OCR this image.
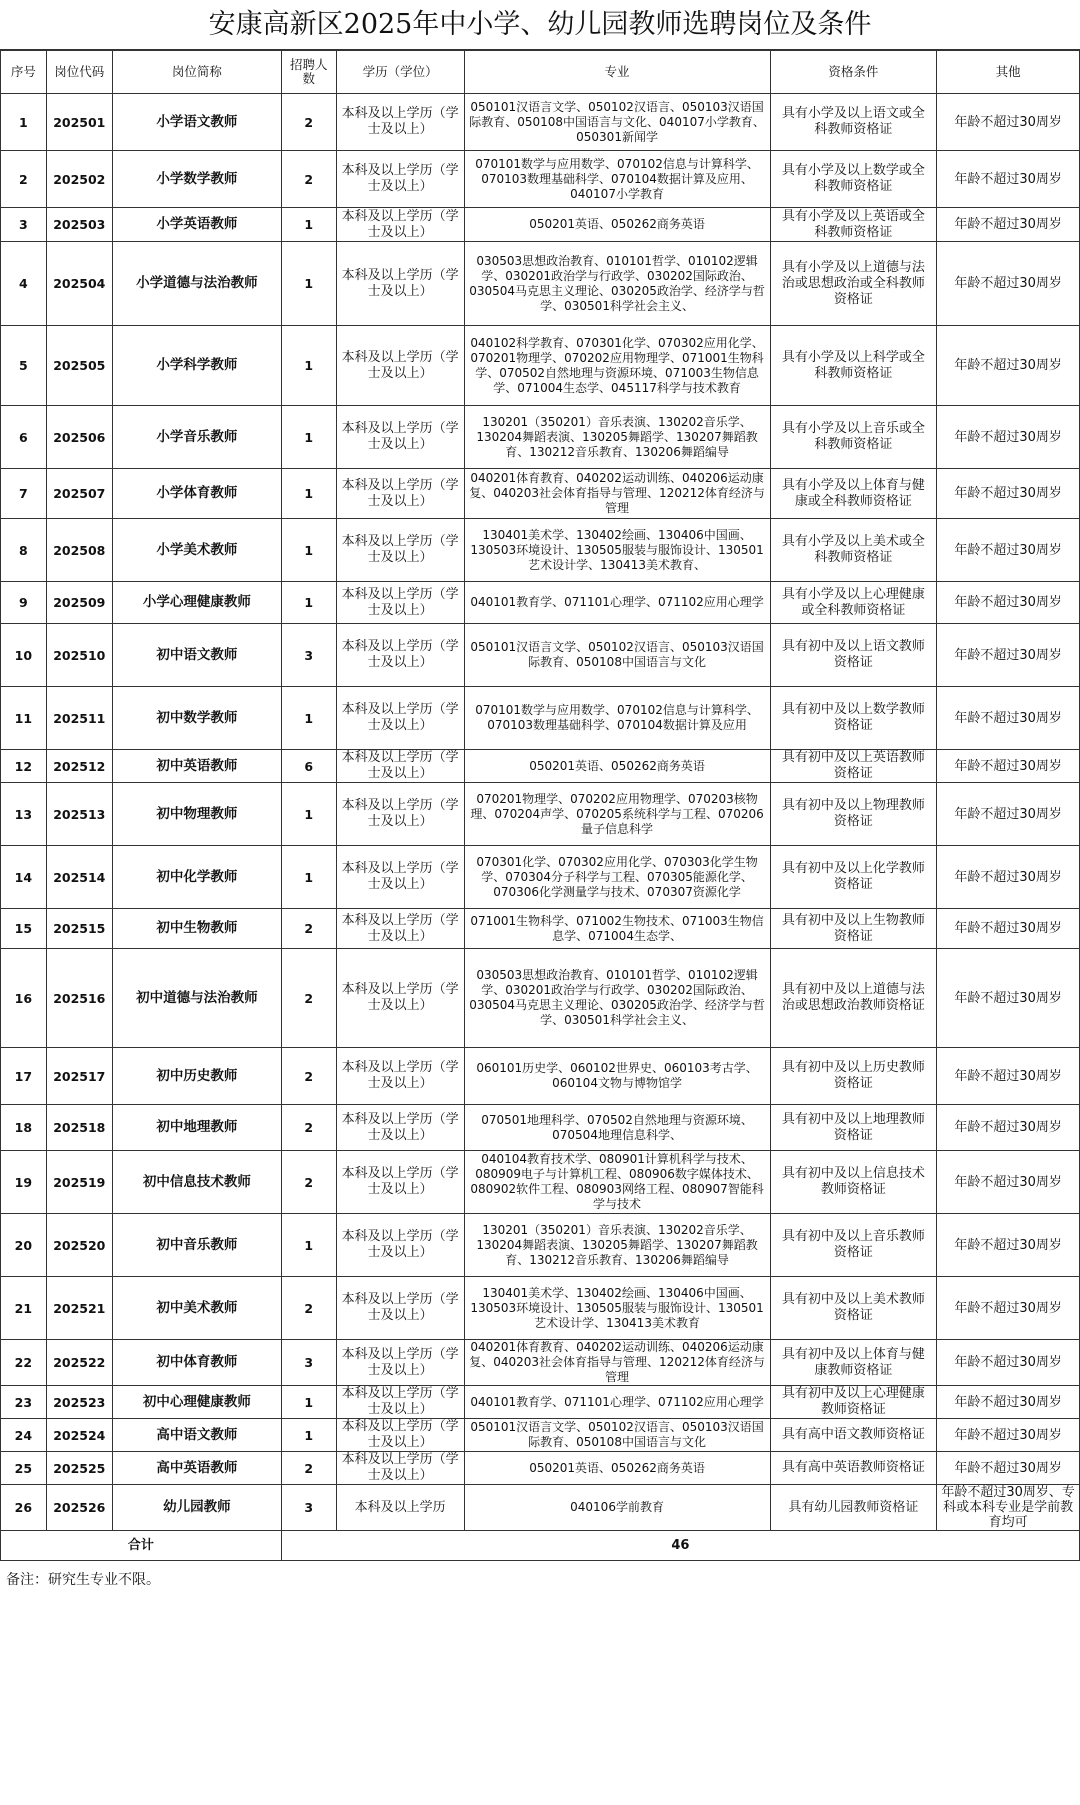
安康高新区2025年中小学、幼儿园教师选聘岗位及条件
序号	岗位代码	岗位简称	招聘人数	学历（学位）	专业	资格条件	其他
1	202501	小学语文教师	2	本科及以上学历（学士及以上）	050101汉语言文学、050102汉语言、050103汉语国际教育、050108中国语言与文化、040107小学教育、050301新闻学	具有小学及以上语文或全科教师资格证	年龄不超过30周岁
2	202502	小学数学教师	2	本科及以上学历（学士及以上）	070101数学与应用数学、070102信息与计算科学、070103数理基础科学、070104数据计算及应用、040107小学教育	具有小学及以上数学或全科教师资格证	年龄不超过30周岁
3	202503	小学英语教师	1	本科及以上学历（学士及以上）	050201英语、050262商务英语	具有小学及以上英语或全科教师资格证	年龄不超过30周岁
4	202504	小学道德与法治教师	1	本科及以上学历（学士及以上）	030503思想政治教育、010101哲学、010102逻辑学、030201政治学与行政学、030202国际政治、030504马克思主义理论、030205政治学、经济学与哲学、030501科学社会主义、	具有小学及以上道德与法治或思想政治或全科教师资格证	年龄不超过30周岁
5	202505	小学科学教师	1	本科及以上学历（学士及以上）	040102科学教育、070301化学、070302应用化学、070201物理学、070202应用物理学、071001生物科学、070502自然地理与资源环境、071003生物信息学、071004生态学、045117科学与技术教育	具有小学及以上科学或全科教师资格证	年龄不超过30周岁
6	202506	小学音乐教师	1	本科及以上学历（学士及以上）	130201（350201）音乐表演、130202音乐学、130204舞蹈表演、130205舞蹈学、130207舞蹈教育、130212音乐教育、130206舞蹈编导	具有小学及以上音乐或全科教师资格证	年龄不超过30周岁
7	202507	小学体育教师	1	本科及以上学历（学士及以上）	040201体育教育、040202运动训练、040206运动康复、040203社会体育指导与管理、120212体育经济与管理	具有小学及以上体育与健康或全科教师资格证	年龄不超过30周岁
8	202508	小学美术教师	1	本科及以上学历（学士及以上）	130401美术学、130402绘画、130406中国画、130503环境设计、130505服装与服饰设计、130501艺术设计学、130413美术教育、	具有小学及以上美术或全科教师资格证	年龄不超过30周岁
9	202509	小学心理健康教师	1	本科及以上学历（学士及以上）	040101教育学、071101心理学、071102应用心理学	具有小学及以上心理健康或全科教师资格证	年龄不超过30周岁
10	202510	初中语文教师	3	本科及以上学历（学士及以上）	050101汉语言文学、050102汉语言、050103汉语国际教育、050108中国语言与文化	具有初中及以上语文教师资格证	年龄不超过30周岁
11	202511	初中数学教师	1	本科及以上学历（学士及以上）	070101数学与应用数学、070102信息与计算科学、070103数理基础科学、070104数据计算及应用	具有初中及以上数学教师资格证	年龄不超过30周岁
12	202512	初中英语教师	6	本科及以上学历（学士及以上）	050201英语、050262商务英语	具有初中及以上英语教师资格证	年龄不超过30周岁
13	202513	初中物理教师	1	本科及以上学历（学士及以上）	070201物理学、070202应用物理学、070203核物理、070204声学、070205系统科学与工程、070206量子信息科学	具有初中及以上物理教师资格证	年龄不超过30周岁
14	202514	初中化学教师	1	本科及以上学历（学士及以上）	070301化学、070302应用化学、070303化学生物学、070304分子科学与工程、070305能源化学、070306化学测量学与技术、070307资源化学	具有初中及以上化学教师资格证	年龄不超过30周岁
15	202515	初中生物教师	2	本科及以上学历（学士及以上）	071001生物科学、071002生物技术、071003生物信息学、071004生态学、	具有初中及以上生物教师资格证	年龄不超过30周岁
16	202516	初中道德与法治教师	2	本科及以上学历（学士及以上）	030503思想政治教育、010101哲学、010102逻辑学、030201政治学与行政学、030202国际政治、030504马克思主义理论、030205政治学、经济学与哲学、030501科学社会主义、	具有初中及以上道德与法治或思想政治教师资格证	年龄不超过30周岁
17	202517	初中历史教师	2	本科及以上学历（学士及以上）	060101历史学、060102世界史、060103考古学、060104文物与博物馆学	具有初中及以上历史教师资格证	年龄不超过30周岁
18	202518	初中地理教师	2	本科及以上学历（学士及以上）	070501地理科学、070502自然地理与资源环境、070504地理信息科学、	具有初中及以上地理教师资格证	年龄不超过30周岁
19	202519	初中信息技术教师	2	本科及以上学历（学士及以上）	040104教育技术学、080901计算机科学与技术、080909电子与计算机工程、080906数字媒体技术、080902软件工程、080903网络工程、080907智能科学与技术	具有初中及以上信息技术教师资格证	年龄不超过30周岁
20	202520	初中音乐教师	1	本科及以上学历（学士及以上）	130201（350201）音乐表演、130202音乐学、130204舞蹈表演、130205舞蹈学、130207舞蹈教育、130212音乐教育、130206舞蹈编导	具有初中及以上音乐教师资格证	年龄不超过30周岁
21	202521	初中美术教师	2	本科及以上学历（学士及以上）	130401美术学、130402绘画、130406中国画、130503环境设计、130505服装与服饰设计、130501艺术设计学、130413美术教育	具有初中及以上美术教师资格证	年龄不超过30周岁
22	202522	初中体育教师	3	本科及以上学历（学士及以上）	040201体育教育、040202运动训练、040206运动康复、040203社会体育指导与管理、120212体育经济与管理	具有初中及以上体育与健康教师资格证	年龄不超过30周岁
23	202523	初中心理健康教师	1	本科及以上学历（学士及以上）	040101教育学、071101心理学、071102应用心理学	具有初中及以上心理健康教师资格证	年龄不超过30周岁
24	202524	高中语文教师	1	本科及以上学历（学士及以上）	050101汉语言文学、050102汉语言、050103汉语国际教育、050108中国语言与文化	具有高中语文教师资格证	年龄不超过30周岁
25	202525	高中英语教师	2	本科及以上学历（学士及以上）	050201英语、050262商务英语	具有高中英语教师资格证	年龄不超过30周岁
26	202526	幼儿园教师	3	本科及以上学历	040106学前教育	具有幼儿园教师资格证	年龄不超过30周岁、专科或本科专业是学前教育均可
合计			46				
备注：研究生专业不限。
